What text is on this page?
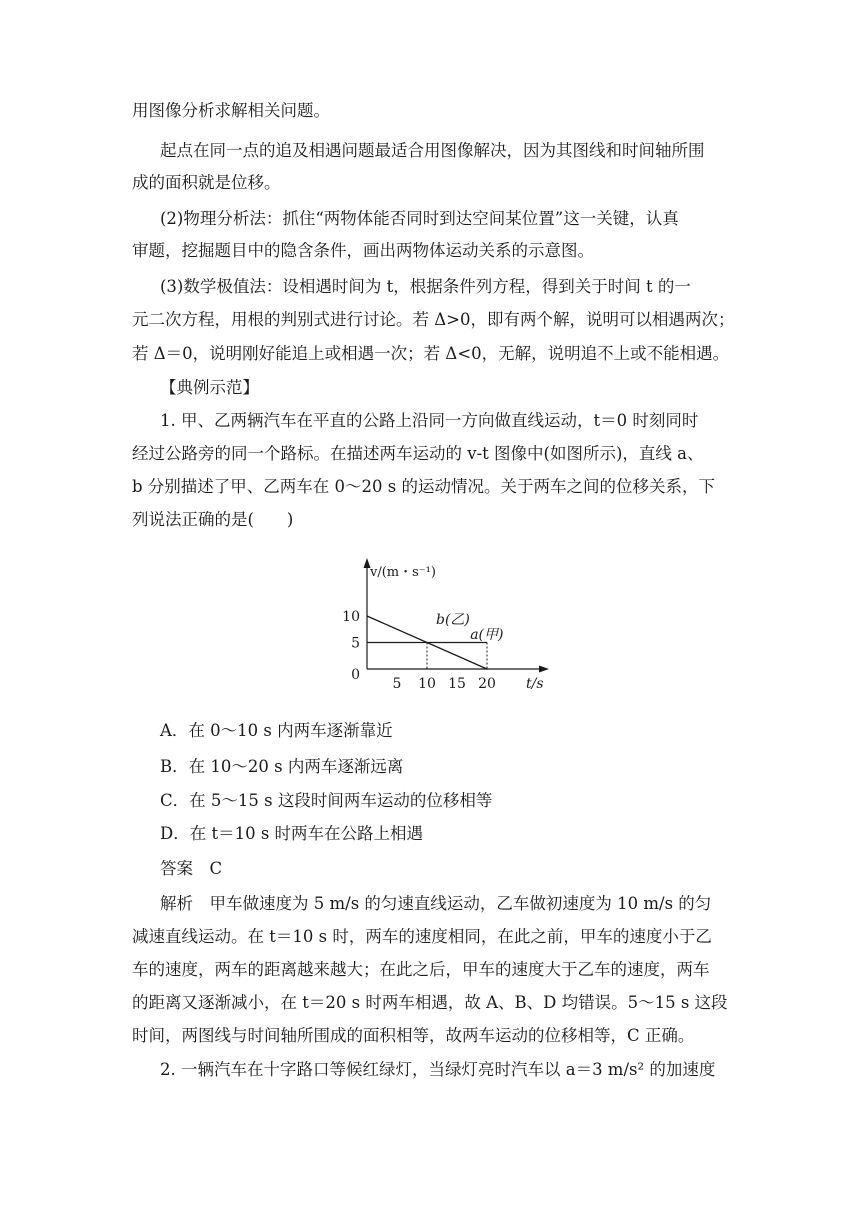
用图像分析求解相关问题。
起点在同一点的追及相遇问题最适合用图像解决，因为其图线和时间轴所围
成的面积就是位移。
(2)物理分析法：抓住“两物体能否同时到达空间某位置”这一关键，认真
审题，挖掘题目中的隐含条件，画出两物体运动关系的示意图。
(3)数学极值法：设相遇时间为 t，根据条件列方程，得到关于时间 t 的一
元二次方程，用根的判别式进行讨论。若 Δ>0，即有两个解，说明可以相遇两次；
若 Δ＝0，说明刚好能追上或相遇一次；若 Δ<0，无解，说明追不上或不能相遇。
【典例示范】
1. 甲、乙两辆汽车在平直的公路上沿同一方向做直线运动，t＝0 时刻同时
经过公路旁的同一个路标。在描述两车运动的 v-t 图像中(如图所示)，直线 a、
b 分别描述了甲、乙两车在 0～20 s 的运动情况。关于两车之间的位移关系，下
列说法正确的是(　　)
v/(m・s⁻¹)
t/s
5 10 15 20
10
5
0
b(乙)
a(甲)
A．在 0～10 s 内两车逐渐靠近
B．在 10～20 s 内两车逐渐远离
C．在 5～15 s 这段时间两车运动的位移相等
D．在 t＝10 s 时两车在公路上相遇
答案　C
解析　甲车做速度为 5 m/s 的匀速直线运动，乙车做初速度为 10 m/s 的匀
减速直线运动。在 t＝10 s 时，两车的速度相同，在此之前，甲车的速度小于乙
车的速度，两车的距离越来越大；在此之后，甲车的速度大于乙车的速度，两车
的距离又逐渐减小，在 t＝20 s 时两车相遇，故 A、B、D 均错误。5～15 s 这段
时间，两图线与时间轴所围成的面积相等，故两车运动的位移相等，C 正确。
2. 一辆汽车在十字路口等候红绿灯，当绿灯亮时汽车以 a＝3 m/s² 的加速度
